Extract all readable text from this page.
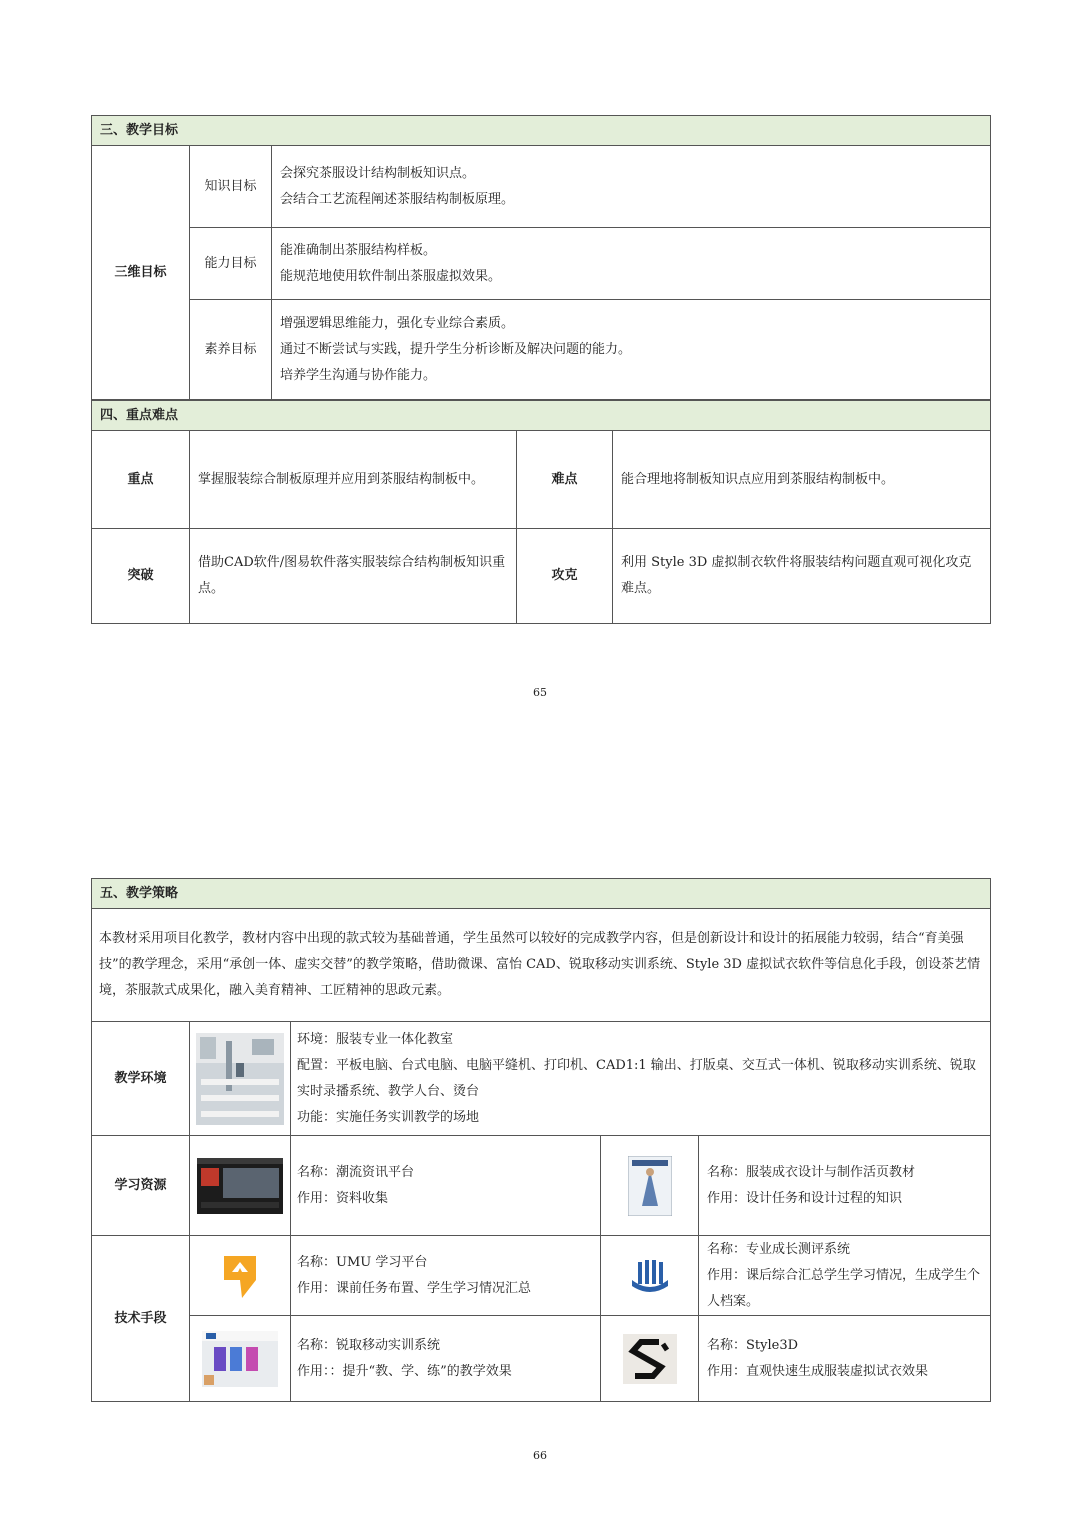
三、教学目标		
三维目标	知识目标	会探究茶服设计结构制板知识点。
会结合工艺流程阐述茶服结构制板原理。

	能力目标	能准确制出茶服结构样板。
能规范地使用软件制出茶服虚拟效果。

	素养目标	增强逻辑思维能力，强化专业综合素质。
通过不断尝试与实践，提升学生分析诊断及解决问题的能力。
培养学生沟通与协作能力。
四、重点难点			
重点	掌握服装综合制板原理并应用到茶服结构制板中。	难点	能合理地将制板知识点应用到茶服结构制板中。
突破	借助CAD软件/图易软件落实服装综合结构制板知识重点。	攻克	利用 Style 3D 虚拟制衣软件将服装结构问题直观可视化攻克难点。
65
五、教学策略				
本教材采用项目化教学，教材内容中出现的款式较为基础普通，学生虽然可以较好的完成教学内容，但是创新设计和设计的拓展能力较弱，结合“育美强技”的教学理念，采用“承创一体、虚实交替”的教学策略，借助微课、富怡 CAD、锐取移动实训系统、Style 3D 虚拟试衣软件等信息化手段，创设茶艺情境，茶服款式成果化，融入美育精神、工匠精神的思政元素。				
教学环境		环境：服装专业一体化教室
配置：平板电脑、台式电脑、电脑平缝机、打印机、CAD1:1 输出、打版桌、交互式一体机、锐取移动实训系统、锐取实时录播系统、教学人台、烫台
功能：实施任务实训教学的场地		

学习资源		名称：潮流资讯平台
作用：资料收集		名称：服装成衣设计与制作活页教材
作用：设计任务和设计过程的知识

技术手段		名称：UMU 学习平台
作用：课前任务布置、学生学习情况汇总		名称：专业成长测评系统
作用：课后综合汇总学生学习情况，生成学生个人档案。

名称：锐取移动实训系统
作用：：提升“教、学、练”的教学效果		名称：Style3D
作用：直观快速生成服装虚拟试衣效果
66
